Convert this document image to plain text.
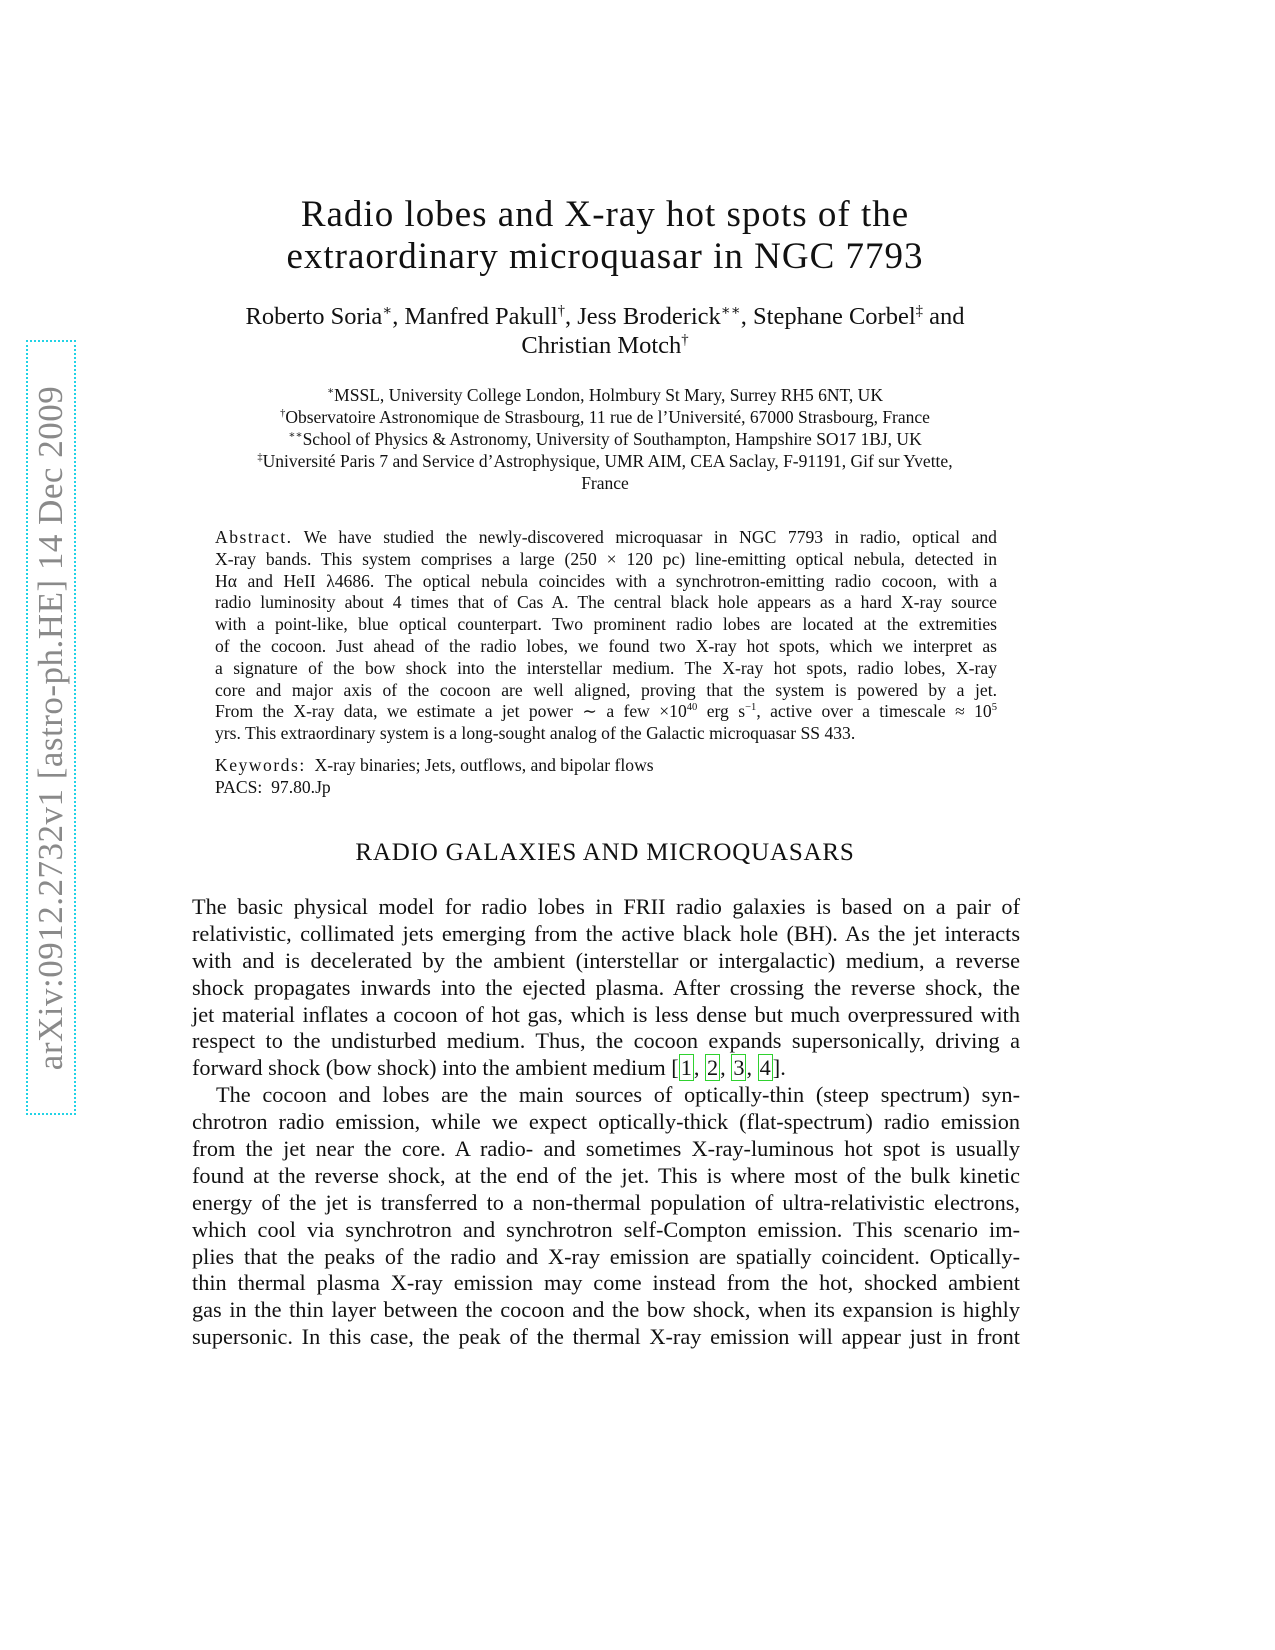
arXiv:0912.2732v1 [astro-ph.HE] 14 Dec 2009
Radio lobes and X-ray hot spots of the
extraordinary microquasar in NGC 7793
Roberto Soria∗, Manfred Pakull†, Jess Broderick∗∗, Stephane Corbel‡ and
Christian Motch†
∗MSSL, University College London, Holmbury St Mary, Surrey RH5 6NT, UK
†Observatoire Astronomique de Strasbourg, 11 rue de l’Université, 67000 Strasbourg, France
∗∗School of Physics & Astronomy, University of Southampton, Hampshire SO17 1BJ, UK
‡Université Paris 7 and Service d’Astrophysique, UMR AIM, CEA Saclay, F-91191, Gif sur Yvette,
France
Abstract. We have studied the newly-discovered microquasar in NGC 7793 in radio, optical and
X-ray bands. This system comprises a large (250 × 120 pc) line-emitting optical nebula, detected in
Hα and HeII λ4686. The optical nebula coincides with a synchrotron-emitting radio cocoon, with a
radio luminosity about 4 times that of Cas A. The central black hole appears as a hard X-ray source
with a point-like, blue optical counterpart. Two prominent radio lobes are located at the extremities
of the cocoon. Just ahead of the radio lobes, we found two X-ray hot spots, which we interpret as
a signature of the bow shock into the interstellar medium. The X-ray hot spots, radio lobes, X-ray
core and major axis of the cocoon are well aligned, proving that the system is powered by a jet.
From the X-ray data, we estimate a jet power ∼ a few $\times 10^{40}$ erg $s^{-1}$, active over a timescale ≈ $10^5$
yrs. This extraordinary system is a long-sought analog of the Galactic microquasar SS 433.
Keywords: X-ray binaries; Jets, outflows, and bipolar flows
PACS: 97.80.Jp
RADIO GALAXIES AND MICROQUASARS
The basic physical model for radio lobes in FRII radio galaxies is based on a pair of
relativistic, collimated jets emerging from the active black hole (BH). As the jet interacts
with and is decelerated by the ambient (interstellar or intergalactic) medium, a reverse
shock propagates inwards into the ejected plasma. After crossing the reverse shock, the
jet material inflates a cocoon of hot gas, which is less dense but much overpressured with
respect to the undisturbed medium. Thus, the cocoon expands supersonically, driving a
forward shock (bow shock) into the ambient medium [1, 2, 3, 4].
The cocoon and lobes are the main sources of optically-thin (steep spectrum) syn-
chrotron radio emission, while we expect optically-thick (flat-spectrum) radio emission
from the jet near the core. A radio- and sometimes X-ray-luminous hot spot is usually
found at the reverse shock, at the end of the jet. This is where most of the bulk kinetic
energy of the jet is transferred to a non-thermal population of ultra-relativistic electrons,
which cool via synchrotron and synchrotron self-Compton emission. This scenario im-
plies that the peaks of the radio and X-ray emission are spatially coincident. Optically-
thin thermal plasma X-ray emission may come instead from the hot, shocked ambient
gas in the thin layer between the cocoon and the bow shock, when its expansion is highly
supersonic. In this case, the peak of the thermal X-ray emission will appear just in front
